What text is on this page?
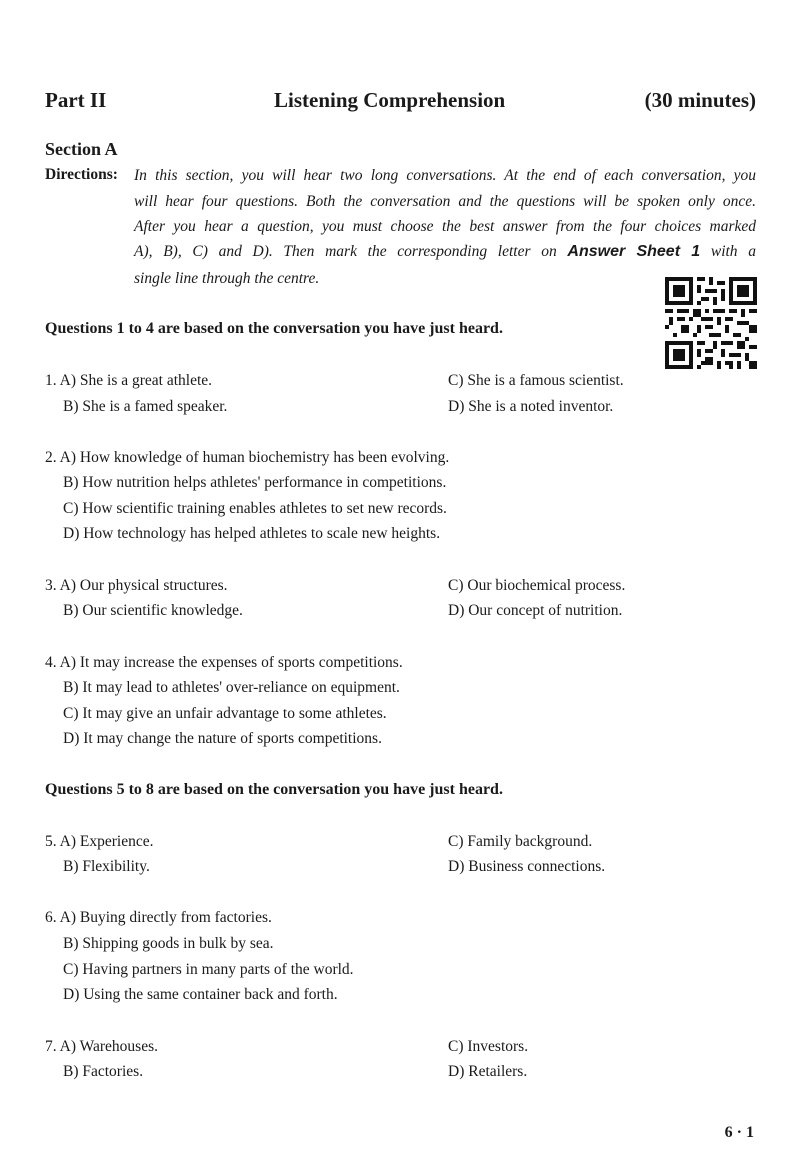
Part II	Listening Comprehension	(30 minutes)
Section A
Directions: In this section, you will hear two long conversations. At the end of each conversation, you
will hear four questions. Both the conversation and the questions will be spoken only once.
After you hear a question, you must choose the best answer from the four choices marked
A), B), C) and D). Then mark the corresponding letter on Answer Sheet 1 with a
single line through the centre.
Questions 1 to 4 are based on the conversation you have just heard.
1. A) She is a great athlete.
B) She is a famed speaker.
C) She is a famous scientist.
D) She is a noted inventor.
2. A) How knowledge of human biochemistry has been evolving.
B) How nutrition helps athletes' performance in competitions.
C) How scientific training enables athletes to set new records.
D) How technology has helped athletes to scale new heights.
3. A) Our physical structures.
B) Our scientific knowledge.
C) Our biochemical process.
D) Our concept of nutrition.
4. A) It may increase the expenses of sports competitions.
B) It may lead to athletes' over-reliance on equipment.
C) It may give an unfair advantage to some athletes.
D) It may change the nature of sports competitions.
Questions 5 to 8 are based on the conversation you have just heard.
5. A) Experience.
B) Flexibility.
C) Family background.
D) Business connections.
6. A) Buying directly from factories.
B) Shipping goods in bulk by sea.
C) Having partners in many parts of the world.
D) Using the same container back and forth.
7. A) Warehouses.
B) Factories.
C) Investors.
D) Retailers.
6 · 1
